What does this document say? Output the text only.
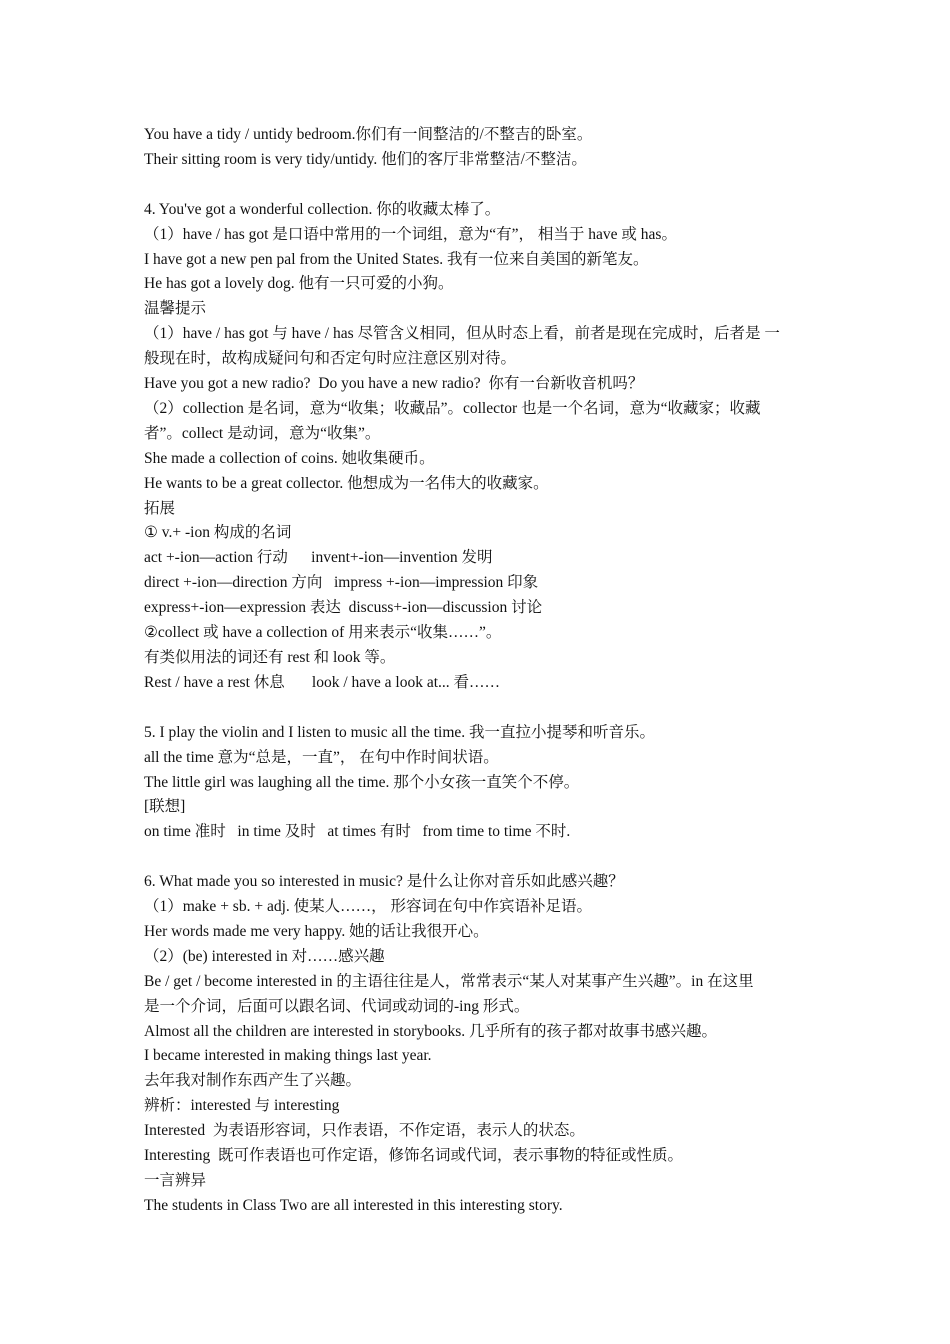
You have a tidy / untidy bedroom.你们有一间整洁的/不整吉的卧室。

Their sitting room is very tidy/untidy. 他们的客厅非常整洁/不整洁。

4. You've got a wonderful collection. 你的收藏太棒了。

（1）have / has got 是口语中常用的一个词组，意为“有”， 相当于 have 或 has。

I have got a new pen pal from the United States. 我有一位来自美国的新笔友。

He has got a lovely dog. 他有一只可爱的小狗。

温馨提示

（1）have / has got 与 have / has 尽管含义相同，但从时态上看，前者是现在完成时，后者是 一

般现在时，故构成疑问句和否定句时应注意区别对待。

Have you got a new radio?  Do you have a new radio?  你有一台新收音机吗？

（2）collection 是名词，意为“收集；收藏品”。collector 也是一个名词，意为“收藏家；收藏

者”。collect 是动词，意为“收集”。

She made a collection of coins. 她收集硬币。

He wants to be a great collector. 他想成为一名伟大的收藏家。

拓展

① v.+ -ion 构成的名词

act +-ion—action 行动      invent+-ion—invention 发明

direct +-ion—direction 方向   impress +-ion—impression 印象

express+-ion—expression 表达  discuss+-ion—discussion 讨论

②collect 或 have a collection of 用来表示“收集……”。

有类似用法的词还有 rest 和 look 等。

Rest / have a rest 休息       look / have a look at... 看……

5. I play the violin and I listen to music all the time. 我一直拉小提琴和听音乐。

all the time 意为“总是，一直”， 在句中作时间状语。

The little girl was laughing all the time. 那个小女孩一直笑个不停。

[联想]

on time 准时   in time 及时   at times 有时   from time to time 不时.

6. What made you so interested in music? 是什么让你对音乐如此感兴趣？

（1）make + sb. + adj. 使某人……， 形容词在句中作宾语补足语。

Her words made me very happy. 她的话让我很开心。

（2）(be) interested in 对……感兴趣

Be / get / become interested in 的主语往往是人，常常表示“某人对某事产生兴趣”。in 在这里

是一个介词，后面可以跟名词、代词或动词的-ing 形式。

Almost all the children are interested in storybooks. 几乎所有的孩子都对故事书感兴趣。

I became interested in making things last year.

去年我对制作东西产生了兴趣。

辨析：interested 与 interesting

Interested  为表语形容词，只作表语，不作定语，表示人的状态。

Interesting  既可作表语也可作定语，修饰名词或代词，表示事物的特征或性质。

一言辨异

The students in Class Two are all interested in this interesting story.
